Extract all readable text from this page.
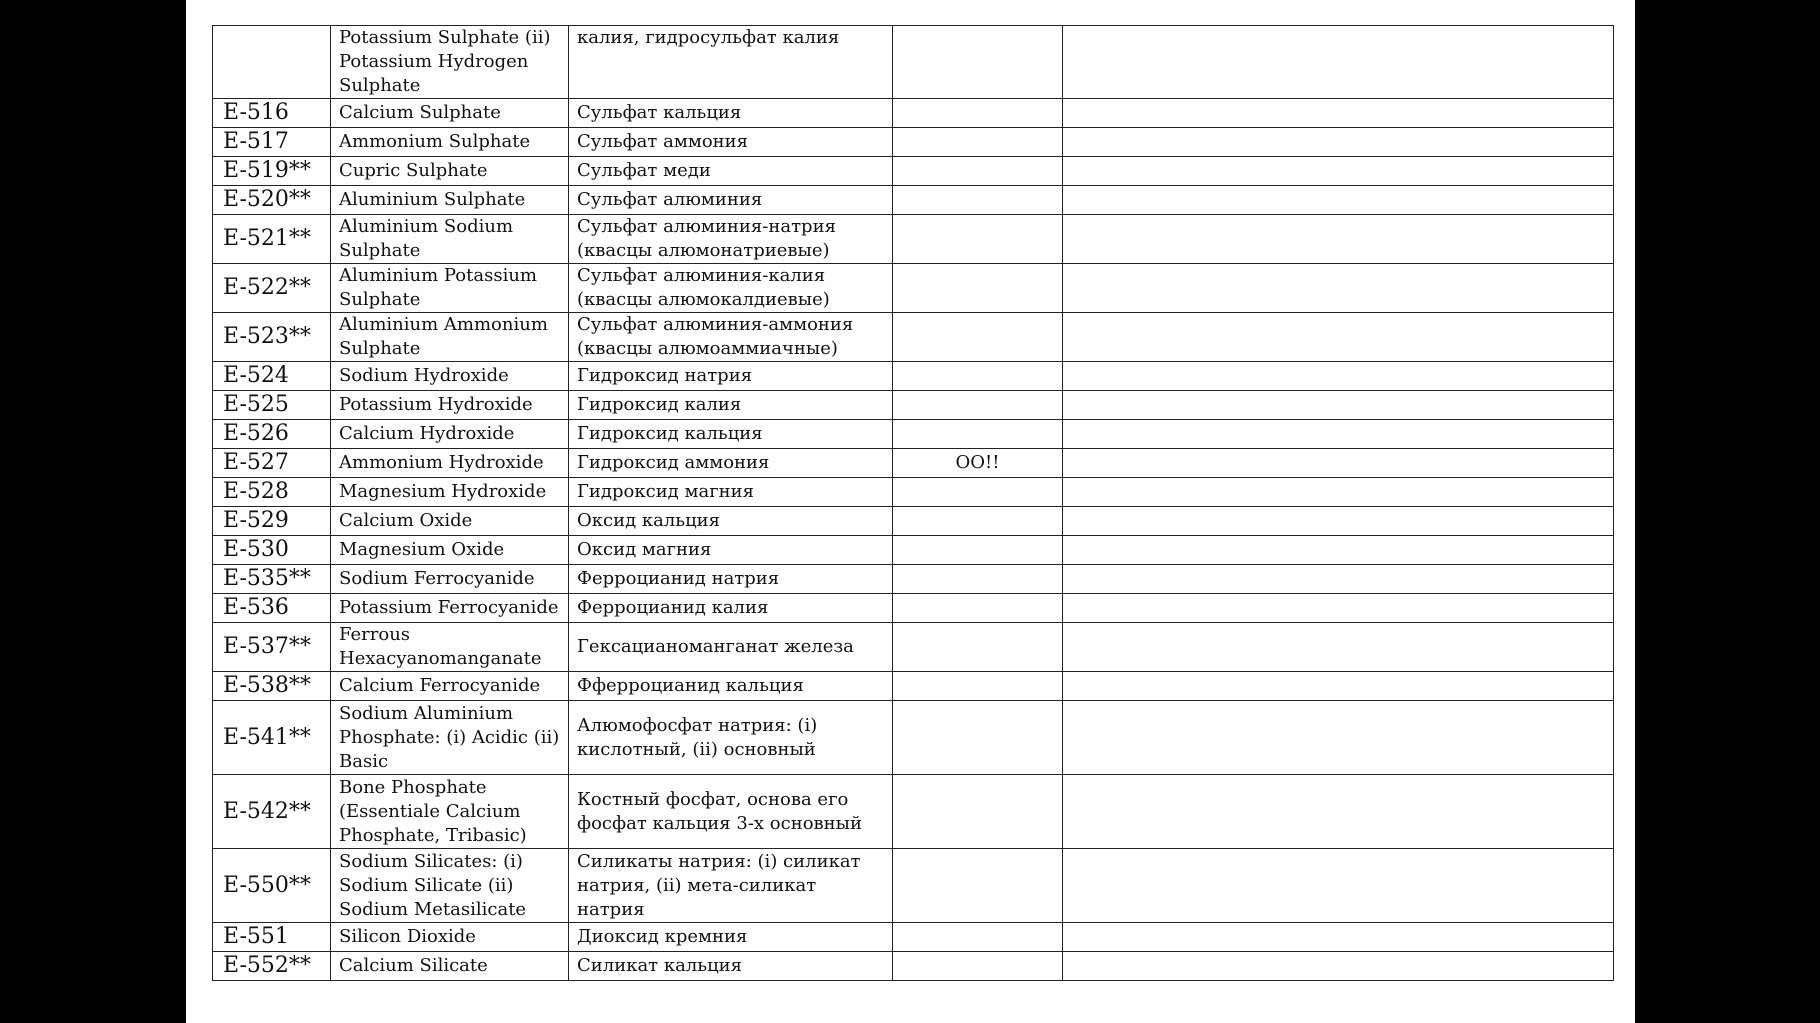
	Potassium Sulphate (ii) Potassium Hydrogen Sulphate	калия, гидросульфат калия		
E-516	Calcium Sulphate	Сульфат кальция		
E-517	Ammonium Sulphate	Сульфат аммония		
E-519**	Cupric Sulphate	Сульфат меди		
E-520**	Aluminium Sulphate	Сульфат алюминия		
E-521**	Aluminium Sodium Sulphate	Сульфат алюминия-натрия (квасцы алюмонатриевые)		
E-522**	Aluminium Potassium Sulphate	Сульфат алюминия-калия (квасцы алюмокалдиевые)		
E-523**	Aluminium Ammonium Sulphate	Сульфат алюминия-аммония (квасцы алюмоаммиачные)		
E-524	Sodium Hydroxide	Гидроксид натрия		
E-525	Potassium Hydroxide	Гидроксид калия		
E-526	Calcium Hydroxide	Гидроксид кальция		
E-527	Ammonium Hydroxide	Гидроксид аммония	OO!!	
E-528	Magnesium Hydroxide	Гидроксид магния		
E-529	Calcium Oxide	Оксид кальция		
E-530	Magnesium Oxide	Оксид магния		
E-535**	Sodium Ferrocyanide	Ферроцианид натрия		
E-536	Potassium Ferrocyanide	Ферроцианид калия		
E-537**	Ferrous Hexacyanomanganate	Гексацианоманганат железа		
E-538**	Calcium Ferrocyanide	Фферроцианид кальция		
E-541**	Sodium Aluminium Phosphate: (i) Acidic (ii) Basic	Алюмофосфат натрия: (i) кислотный, (ii) основный		
E-542**	Bone Phosphate (Essentiale Calcium Phosphate, Tribasic)	Костный фосфат, основа его фосфат кальция 3-х основный		
E-550**	Sodium Silicates: (i) Sodium Silicate (ii) Sodium Metasilicate	Силикаты натрия: (i) силикат натрия, (ii) мета-силикат натрия		
E-551	Silicon Dioxide	Диоксид кремния		
E-552**	Calcium Silicate	Силикат кальция		
